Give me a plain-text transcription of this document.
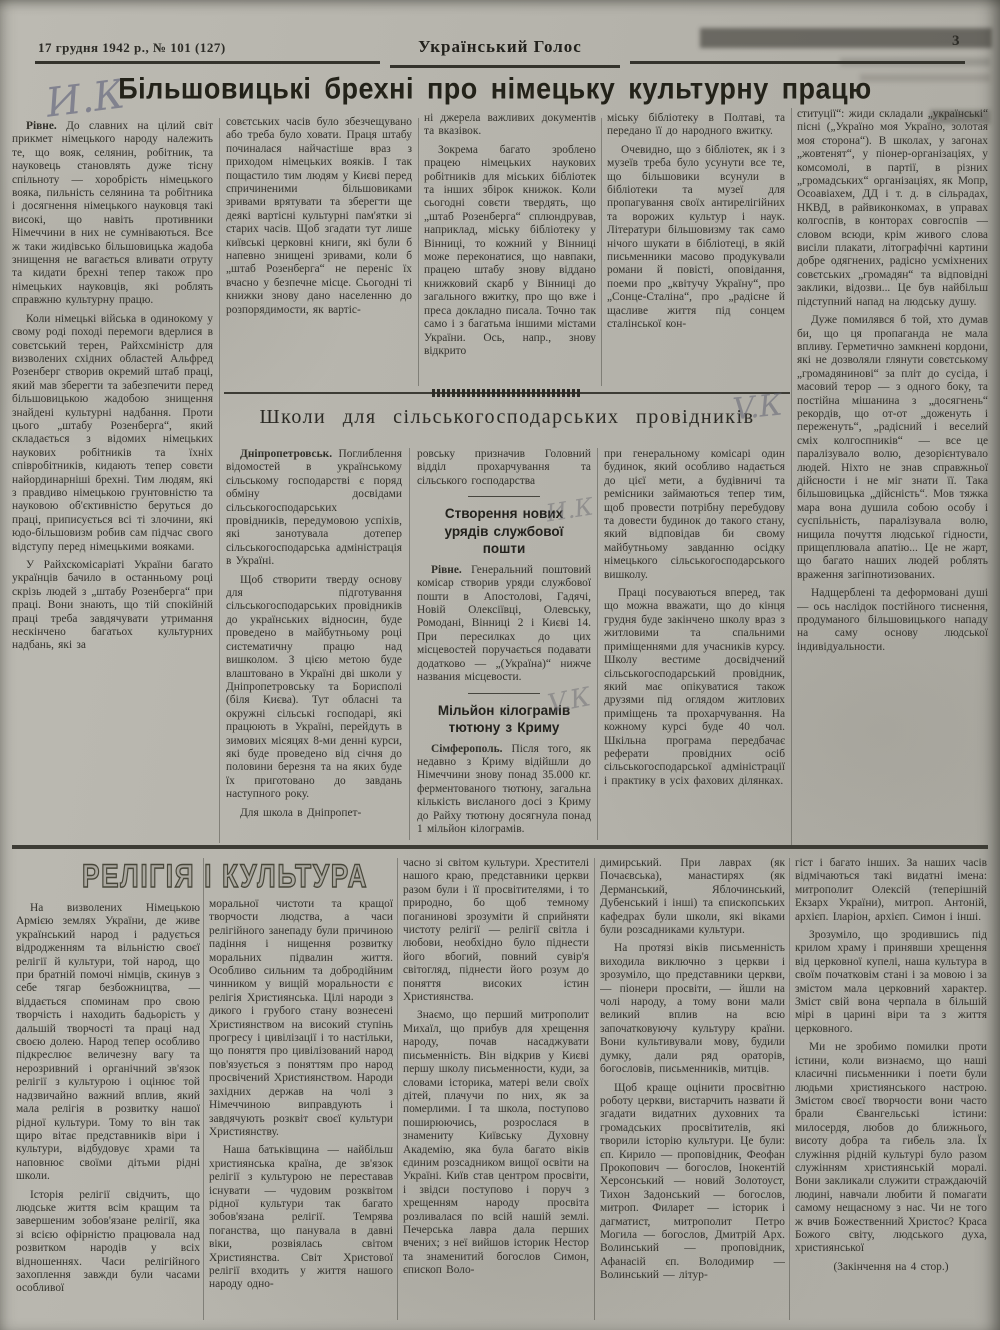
17 грудня 1942 р., № 101 (127)	Український Голос	3
И.К
Більшовицькі брехні про німецьку культурну працю

Рівне. До славних на цілий світ прикмет німецького народу належить те, що вояк, селянин, робітник, та науковець становлять дуже тісну спільноту — хоробрість німецького вояка, пильність селянина та робітника і досягнення німецького науковця такі високі, що навіть противники Німеччини в них не сумніваються. Все ж таки жидівсько більшовицька жадоба знищення не вагається вливати отруту та кидати брехні тепер також про німецьких науковців, які роблять справжню культурну працю.

Коли німецькі війська в одинокому у свому роді поході перемоги вдерлися в совєтський терен, Райхсміністр для визволених східних областей Альфред Розенберг створив окремий штаб праці, який мав зберегти та забезпечити перед більшовицькою жадобою знищення знайдені культурні надбання. Проти цього „штабу Розенберга“, який складається з відомих німецьких наукових робітників та їхніх співробітників, кидають тепер совєти найординарніші брехні. Тим людям, які з правдиво німецькою грунтовністю та науковою об'єктивністю беруться до праці, приписується всі ті злочини, які юдо-більшовизм робив сам підчас свого відступу перед німецькими вояками.

У Райхскомісаріаті України багато українців бачило в останньому році скрізь людей з „штабу Розенберга“ при праці. Вони знають, що тій спокійній праці треба завдячувати утримання нескінчено багатьох культурних надбань, які за

совєтських часів було збезчещувано або треба було ховати. Праця штабу починалася найчастіше враз з приходом німецьких вояків. І так пощастило тим людям у Києві перед спричиненими більшовиками зривами врятувати та зберегти ще деякі вартісні культурні пам'ятки зі старих часів. Щоб згадати тут лише київські церковні книги, які були б напевно знищені зривами, коли б „штаб Розенберга“ не переніс їх вчасно у безпечне місце. Сьогодні ті книжки знову дано населенню до розпорядимости, як вартіс-

ні джерела важливих документів та вказівок.

Зокрема багато зроблено працею німецьких наукових робітників для міських бібліотек та інших збірок книжок. Коли сьогодні совєти твердять, що „штаб Розенберга“ сплюндрував, наприклад, міську бібліотеку у Вінниці, то кожний у Вінниці може переконатися, що навпаки, працею штабу знову віддано книжковий скарб у Вінниці до загального вжитку, про що вже і преса докладно писала. Точно так само і з багатьма іншими містами України. Ось, напр., знову відкрито

міську бібліотеку в Полтаві, та передано її до народного вжитку.

Очевидно, що з бібліотек, як і з музеїв треба було усунути все те, що більшовики всунули в бібліотеки та музеї для пропагування своїх антирелігійних та ворожих культур і наук. Літератури більшовизму так само нічого шукати в бібліотеці, в якій письменники масово продукували романи й повісті, оповідання, поеми про „квітучу Україну“, про „Сонце-Сталіна“, про „радісне й щасливе життя під сонцем сталінської кон-

ституції“: жиди складали „українські“ пісні („Україно моя Україно, золотая моя сторона“). В школах, у загонах „жовтенят“, у піонер-організаціях, у комсомолі, в партії, в різних „громадських“ організаціях, як Мопр, Осоавіахем, ДД і т. д. в сільрадах, НКВД, в райвиконкомах, в управах колгоспів, в конторах совгоспів — словом всюди, крім живого слова висіли плакати, літографічні картини добре одягнених, радісно усміхнених совєтських „громадян“ та відповідні заклики, відозви... Це був найбільш підступний напад на людську душу.

Дуже помилявся б той, хто думав би, що ця пропаганда не мала впливу. Герметично замкнені кордони, які не дозволяли глянути совєтському „громадянинові“ за пліт до сусіда, і масовий терор — з одного боку, та постійна мішанина з „досягнень“ рекордів, що от-от „доженуть і переженуть“, „радісний і веселий сміх колгоспників“ — все це паралізувало волю, дезорієнтувало людей. Ніхто не знав справжньої дійсности і не міг знати її. Така більшовицька „дійсність“. Мов тяжка мара вона душила собою особу і суспільність, паралізувала волю, нищила почуття людської гідности, прищеплювала апатію... Це не жарт, що багато наших людей роблять враження загіпнотизованих.

Надщерблені та деформовані душі — ось наслідок постійного тиснення, продуманого більшовицького нападу на саму основу людської індивідуальности.

Школи для сільськогосподарських провідників
V.К

Дніпропетровськ. Поглиблення відомостей в українському сільському господарстві є поряд обміну досвідами сільськогосподарських провідників, передумовою успіхів, які занотувала дотепер сільськогосподарська адміністрація в Україні.

Щоб створити тверду основу для підготування сільськогосподарських провідників до українських відносин, буде проведено в майбутньому році систематичну працю над вишколом. З цією метою буде влаштовано в Україні дві школи у Дніпропетровську та Борисполі (біля Києва). Тут обласні та окружні сільські господарі, які працюють в Україні, перейдуть в зимових місяцях 8-ми денні курси, які буде проведено від січня до половини березня та на яких буде їх приготовано до завдань наступного року.

Для школа в Дніпропет-

ровську призначив Головний відділ прохарчування та сільського господарства

Створення нових урядів службової пошти

Рівне. Генеральний поштовий комісар створив уряди службової пошти в Апостолові, Гадячі, Новій Олексіївці, Олевську, Ромодані, Вінниці 2 і Києві 14. При пересилках до цих місцевостей поручається подавати додатково — „(Україна)“ нижче названия місцевости.

Мільйон кілограмів тютюну з Криму

Сімферополь. Після того, як недавно з Криму відійшли до Німеччини знову понад 35.000 кг. ферментованого тютюну, загальна кількість висланого досі з Криму до Райху тютюну досягнула понад 1 мільйон кілограмів.

И.К
V.К

при генеральному комісарі один будинок, який особливо надається до цієї мети, а будівничі та ремісники займаються тепер тим, щоб провести потрібну перебудову та довести будинок до такого стану, який відповідав би свому майбутньому завданню осідку німецького сільськогосподарського вишколу.

Праці посуваються вперед, так що можна вважати, що до кінця грудня буде закінчено школу враз з житловими та спальними приміщеннями для учасників курсу. Школу вестиме досвідчений сільськогосподарський провідник, який має опікуватися також друзями під оглядом житлових приміщень та прохарчування. На кожному курсі буде 40 чол. Шкільна програма передбачає реферати провідних осіб сільськогосподарської адміністрації і практику в усіх фахових ділянках.

РЕЛІГІЯ І КУЛЬТУРА

На визволених Німецькою Армією землях України, де живе український народ і радується відродженням та вільністю своєї релігії й культури, той народ, що при братній помочі німців, скинув з себе тягар безбожництва, — віддається споминам про свою творчість і находить бадьорість у дальшій творчості та праці над своєю долею. Народ тепер особливо підкреслює величезну вагу та нерозривний і органічний зв'язок релігії з культурою і оцінює той надзвичайно важний вплив, який мала релігія в розвитку нашої рідної культури. Тому то він так щиро вітає представників віри і культури, відбудовує храми та наповнює своїми дітьми рідні школи.

Історія релігії свідчить, що людське життя всім кращим та завершеним зобов'язане релігії, яка зі всією офірністю працювала над розвитком народів у всіх відношеннях. Часи релігійного захоплення завжди були часами особливої

моральної чистоти та кращої творчости людства, а часи релігійного занепаду були причиною падіння і нищення розвитку моральних підвалин життя. Особливо сильним та добродійним чинником у вищій моральности є релігія Християнська. Цілі народи з дикого і грубого стану вознесені Християнством на високий ступінь прогресу і цивілізації і то настільки, що поняття про цивілізований народ пов'язується з поняттям про народ просвічений Християнством. Народи західних держав на чолі з Німеччиною виправдують і завдячують розквіт своєї культури Християнству.

Наша батьківщина — найбільш християнська країна, де зв'язок релігії з культурою не переставав існувати — чудовим розквітом рідної культури так багато зобов'язана релігії. Темрява поганства, що панувала в давні віки, розвіялась світом Християнства. Світ Христової релігії входить у життя нашого народу одно-

часно зі світом культури. Хрестителі нашого краю, представники церкви разом були і її просвітителями, і то природно, бо щоб темному поганинові зрозуміти й сприйняти чистоту релігії — релігії світла і любови, необхідно було піднести його вбогий, повний сувір'я світогляд, піднести його розум до поняття високих істин Християнства.

Знаємо, що перший митрополит Михаїл, що прибув для хрещення народу, почав насаджувати письменність. Він відкрив у Києві першу школу письменности, куди, за словами історика, матері вели своїх дітей, плачучи по них, як за померлими. І та школа, поступово поширюючись, розрослася в знамениту Київську Духовну Академію, яка була багато віків єдиним розсадником вищої освіти на Україні. Київ став центром просвіти, і звідси поступово і поруч з хрещенням народу просвіта розливалася по всій нашій землі. Печерська лавра дала перших вчених; з неї вийшов історик Нестор та знаменитий богослов Симон, єпископ Воло-

димирський. При лаврах (як Почаєвська), манастирях (як Дерманський, Яблочинський, Дубенський і інші) та єпископських кафедрах були школи, які віками були розсадниками культури.

На протязі віків письменність виходила виключно з церкви і зрозуміло, що представники церкви, — піонери просвіти, — йшли на чолі народу, а тому вони мали великий вплив на всю започатковуючу культуру країни. Вони культивували мову, будили думку, дали ряд ораторів, богословів, письменників, митців.

Щоб краще оцінити просвітню роботу церкви, вистарчить назвати й згадати видатних духовних та громадських просвітителів, які творили історію культури. Це були: єп. Кирило — проповідник, Феофан Прокопович — богослов, Інокентій Херсонський — новий Золотоуст, Тихон Задонський — богослов, митроп. Филарет — історик і дагматист, митрополит Петро Могила — богослов, Дмитрій Арх. Волинський — проповідник, Афанасій єп. Володимир — Волинський — літур-

гіст і багато інших. За наших часів відмічаються такі видатні імена: митрополит Олексій (теперішній Екзарх України), митроп. Антоній, архієп. Іларіон, архієп. Симон і інші.

Зрозуміло, що зродившись під крилом храму і принявши хрещення від церковної купелі, наша культура в своїм початковім стані і за мовою і за змістом мала церковний характер. Зміст свій вона черпала в більшій мірі в царині віри та з життя церковного.

Ми не зробимо помилки проти істини, коли визнаємо, що наші класичні письменники і поети були людьми християнського настрою. Змістом своєї творчости вони часто брали Євангельські істини: милосердя, любов до ближнього, висоту добра та гибель зла. Їх служіння рідній культурі було разом служінням християнській моралі. Вони закликали служити страждаючій людині, навчали любити й помагати самому нещасному з нас. Чи не того ж вчив Божественний Христос? Краса Божого світу, людського духа, християнської

(Закінчення на 4 стор.)
